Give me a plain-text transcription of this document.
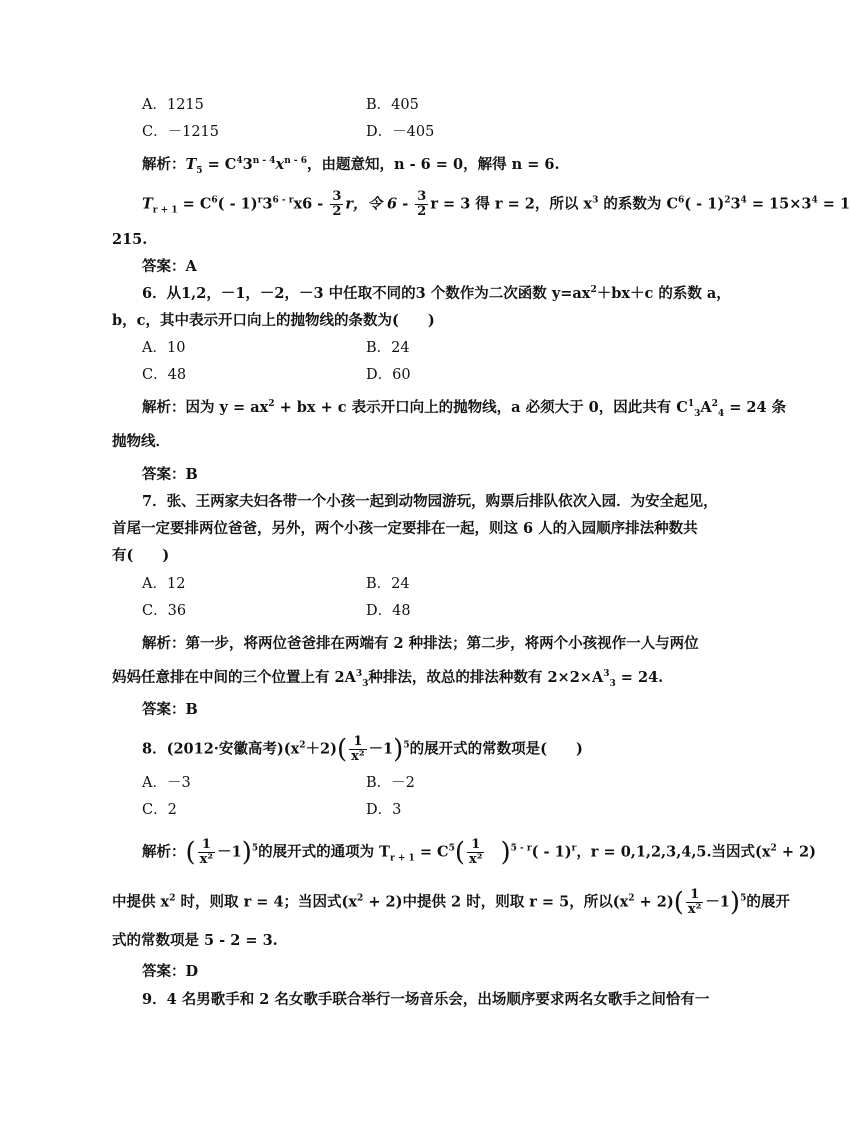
A．1215	B．405
C．－1215	D．－405
解析：$T_5 = C^43^{n - 4}x^{n - 6}$，由题意知，n - 6 = 0，解得 n = 6.
$T_{r + 1} = C^6( - 1)^r3^{6 - r}x6 - \frac{3}{2}$ r，令 $6 - \frac{3}{2}$ r = 3 得 r = 2，所以 $x^3$ 的系数为 $C^6( - 1)^23^4 = 15\times 3^4 = 1$
215.
答案：A
6．从1,2，－1，－2，－3 中任取不同的3 个数作为二次函数 $y=ax^2+bx+c$ 的系数 a，
b，c，其中表示开口向上的抛物线的条数为(　　)
A．10	B．24
C．48	D．60
解析：因为 $y = ax^2$ + bx + c 表示开口向上的抛物线，a 必须大于 0，因此共有 $C^1_3A^2_4 = 24$ 条
抛物线．
答案：B
7．张、王两家夫妇各带一个小孩一起到动物园游玩，购票后排队依次入园．为安全起见，
首尾一定要排两位爸爸，另外，两个小孩一定要排在一起，则这 6 人的入园顺序排法种数共
有(　　)
A．12	B．24
C．36	D．48
解析：第一步，将两位爸爸排在两端有 2 种排法；第二步，将两个小孩视作一人与两位
妈妈任意排在中间的三个位置上有 $2A^3_3$种排法，故总的排法种数有 $2\times 2\times A^3_3 = 24$.
答案：B
8．(2012·安徽高考)$(x^2+2)( \frac{1}{\text{x²}} -1)^5$的展开式的常数项是(　　)
A．－3	B．－2
C．2	D．3
解析：( $\frac{1}{\text{x²}} -1)^5$的展开式的通项为 $T_{r + 1} = C^5( \frac{1}{\text{x²}} )^{5 - r}( - 1)^r$，r = 0,1,2,3,4,5.当因式$(x^2 + 2)$
中提供 $x^2$ 时，则取 r = 4；当因式$(x^2 + 2)$中提供 2 时，则取 r = 5，所以$(x^2 + 2)( \frac{1}{\text{x²}} -1)^5$的展开
式的常数项是 5 - 2 = 3.
答案：D
9．4 名男歌手和 2 名女歌手联合举行一场音乐会，出场顺序要求两名女歌手之间恰有一
